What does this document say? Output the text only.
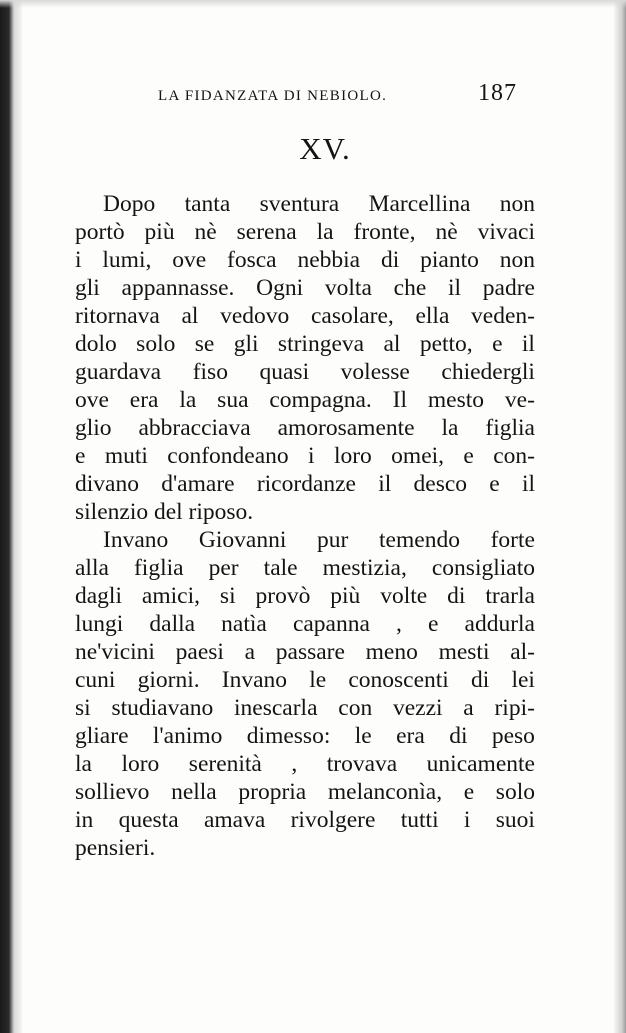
LA FIDANZATA DI NEBIOLO.	187
XV.
Dopo tanta sventura Marcellina non
portò più nè serena la fronte, nè vivaci
i lumi, ove fosca nebbia di pianto non
gli appannasse. Ogni volta che il padre
ritornava al vedovo casolare, ella veden-
dolo solo se gli stringeva al petto, e il
guardava fiso quasi volesse chiedergli
ove era la sua compagna. Il mesto ve-
glio abbracciava amorosamente la figlia
e muti confondeano i loro omei, e con-
divano d'amare ricordanze il desco e il
silenzio del riposo.
Invano Giovanni pur temendo forte
alla figlia per tale mestizia, consigliato
dagli amici, si provò più volte di trarla
lungi dalla natìa capanna , e addurla
ne'vicini paesi a passare meno mesti al-
cuni giorni. Invano le conoscenti di lei
si studiavano inescarla con vezzi a ripi-
gliare l'animo dimesso: le era di peso
la loro serenità , trovava unicamente
sollievo nella propria melanconìa, e solo
in questa amava rivolgere tutti i suoi
pensieri.
